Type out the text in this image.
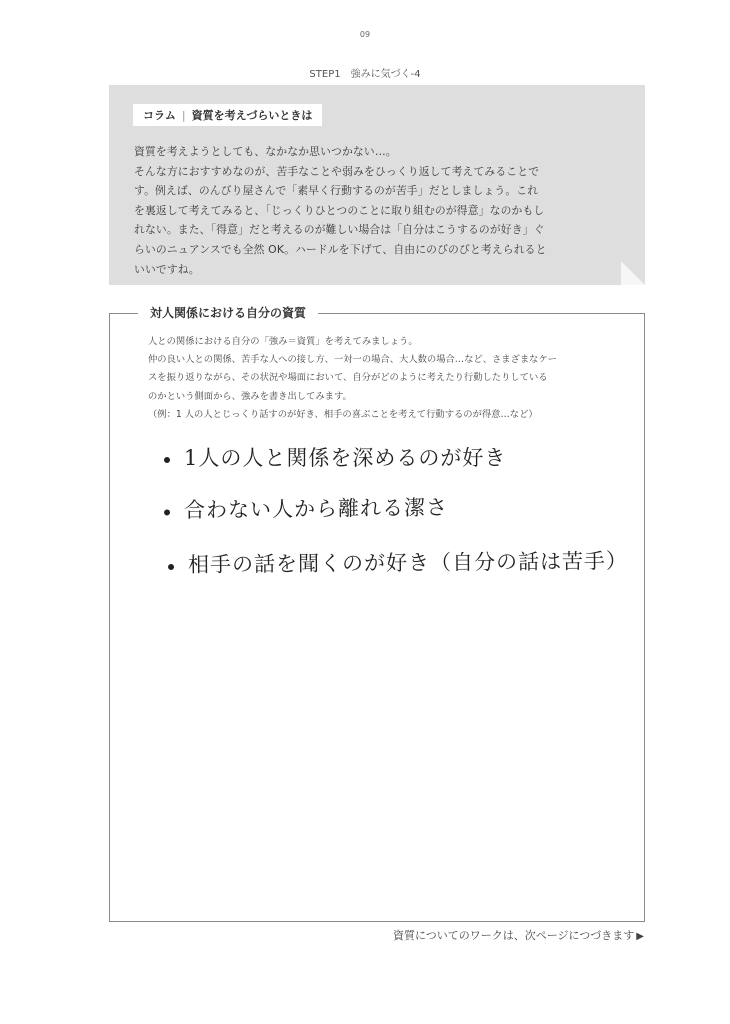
09
STEP1　強みに気づく-4
コラム | 資質を考えづらいときは

資質を考えようとしても、なかなか思いつかない…。

そんな方におすすめなのが、苦手なことや弱みをひっくり返して考えてみることで

す。例えば、のんびり屋さんで「素早く行動するのが苦手」だとしましょう。これ

を裏返して考えてみると、「じっくりひとつのことに取り組むのが得意」なのかもし

れない。また、「得意」だと考えるのが難しい場合は「自分はこうするのが好き」ぐ

らいのニュアンスでも全然 OK。ハードルを下げて、自由にのびのびと考えられると

いいですね。

対人関係における自分の資質

人との関係における自分の「強み＝資質」を考えてみましょう。

仲の良い人との関係、苦手な人への接し方、一対一の場合、大人数の場合…など、さまざまなケー

スを振り返りながら、その状況や場面において、自分がどのように考えたり行動したりしている

のかという側面から、強みを書き出してみます。

（例：1 人の人とじっくり話すのが好き、相手の喜ぶことを考えて行動するのが得意…など）

1人の人と関係を深めるのが好き
合わない人から離れる潔さ
相手の話を聞くのが好き（自分の話は苦手）
資質についてのワークは、次ページにつづきます ▶
